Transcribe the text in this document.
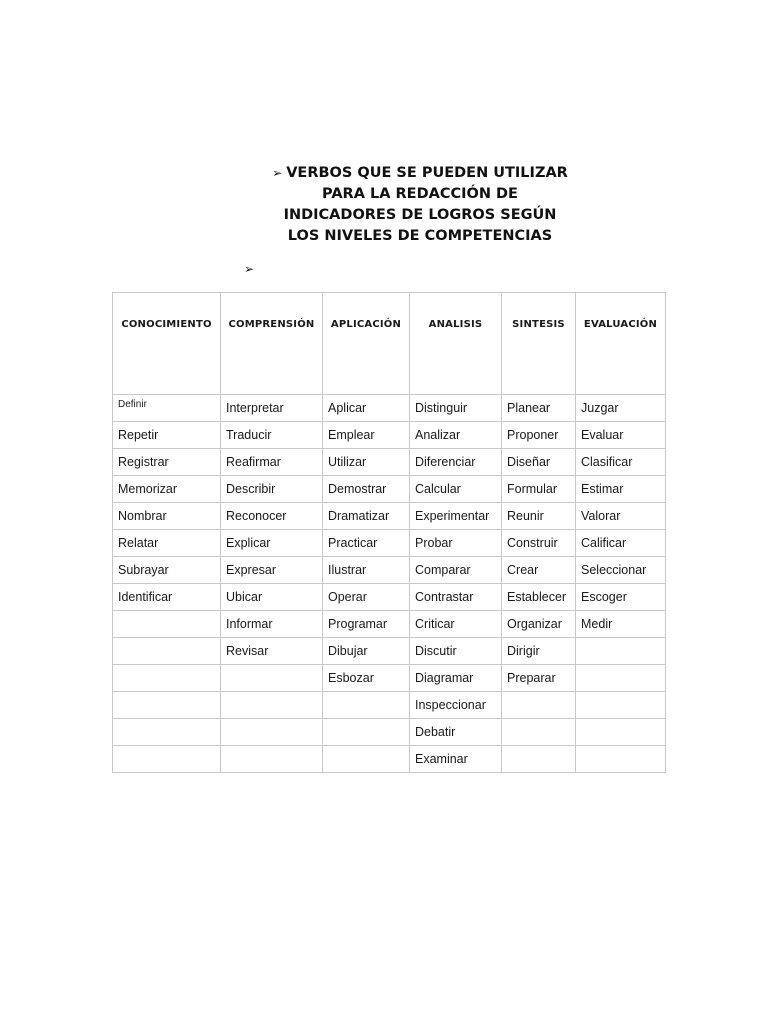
➢ VERBOS QUE SE PUEDEN UTILIZAR
PARA LA REDACCIÓN DE
INDICADORES DE LOGROS SEGÚN
LOS NIVELES DE COMPETENCIAS
➢
CONOCIMIENTO	COMPRENSIÓN	APLICACIÓN	ANALISIS	SINTESIS	EVALUACIÓN
Definir	Interpretar	Aplicar	Distinguir	Planear	Juzgar
Repetir	Traducir	Emplear	Analizar	Proponer	Evaluar
Registrar	Reafirmar	Utilizar	Diferenciar	Diseñar	Clasificar
Memorizar	Describir	Demostrar	Calcular	Formular	Estimar
Nombrar	Reconocer	Dramatizar	Experimentar	Reunir	Valorar
Relatar	Explicar	Practicar	Probar	Construir	Calificar
Subrayar	Expresar	Ilustrar	Comparar	Crear	Seleccionar
Identificar	Ubicar	Operar	Contrastar	Establecer	Escoger
	Informar	Programar	Criticar	Organizar	Medir
	Revisar	Dibujar	Discutir	Dirigir	
		Esbozar	Diagramar	Preparar	
			Inspeccionar		
			Debatir		
			Examinar		
